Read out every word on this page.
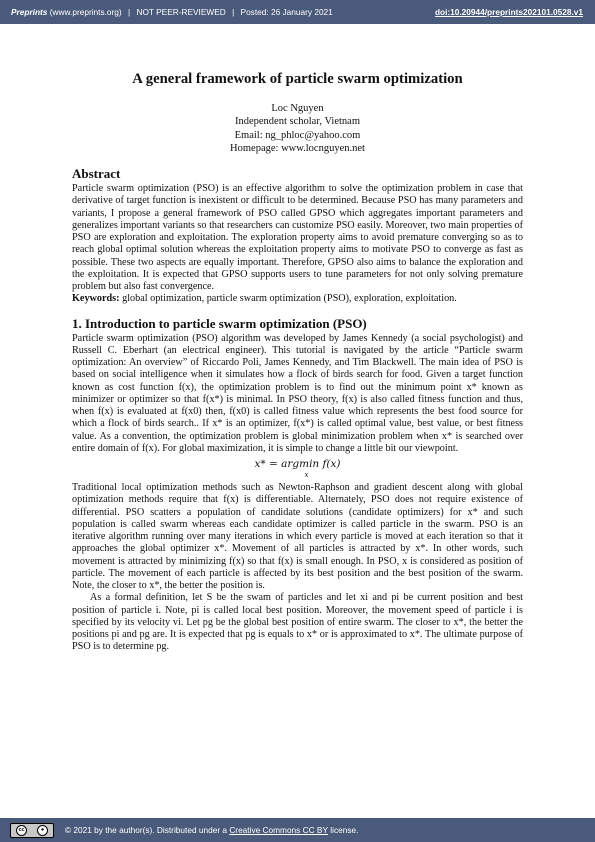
Preprints (www.preprints.org) | NOT PEER-REVIEWED | Posted: 26 January 2021	doi:10.20944/preprints202101.0528.v1
A general framework of particle swarm optimization
Loc Nguyen
Independent scholar, Vietnam
Email: ng_phloc@yahoo.com
Homepage: www.locnguyen.net
Abstract

Particle swarm optimization (PSO) is an effective algorithm to solve the optimization problem in case that derivative of target function is inexistent or difficult to be determined. Because PSO has many parameters and variants, I propose a general framework of PSO called GPSO which aggregates important parameters and generalizes important variants so that researchers can customize PSO easily. Moreover, two main properties of PSO are exploration and exploitation. The exploration property aims to avoid premature converging so as to reach global optimal solution whereas the exploitation property aims to motivate PSO to converge as fast as possible. These two aspects are equally important. Therefore, GPSO also aims to balance the exploration and the exploitation. It is expected that GPSO supports users to tune parameters for not only solving premature problem but also fast convergence.

Keywords: global optimization, particle swarm optimization (PSO), exploration, exploitation.

1. Introduction to particle swarm optimization (PSO)

Particle swarm optimization (PSO) algorithm was developed by James Kennedy (a social psychologist) and Russell C. Eberhart (an electrical engineer). This tutorial is navigated by the article “Particle swarm optimization: An overview” of Riccardo Poli, James Kennedy, and Tim Blackwell. The main idea of PSO is based on social intelligence when it simulates how a flock of birds search for food. Given a target function known as cost function f(x), the optimization problem is to find out the minimum point x* known as minimizer or optimizer so that f(x*) is minimal. In PSO theory, f(x) is also called fitness function and thus, when f(x) is evaluated at f(x0) then, f(x0) is called fitness value which represents the best food source for which a flock of birds search.. If x* is an optimizer, f(x*) is called optimal value, best value, or best fitness value. As a convention, the optimization problem is global minimization problem when x* is searched over entire domain of f(x). For global maximization, it is simple to change a little bit our viewpoint.

x* = argmin f(x)
x

Traditional local optimization methods such as Newton-Raphson and gradient descent along with global optimization methods require that f(x) is differentiable. Alternately, PSO does not require existence of differential. PSO scatters a population of candidate solutions (candidate optimizers) for x* and such population is called swarm whereas each candidate optimizer is called particle in the swarm. PSO is an iterative algorithm running over many iterations in which every particle is moved at each iteration so that it approaches the global optimizer x*. Movement of all particles is attracted by x*. In other words, such movement is attracted by minimizing f(x) so that f(x) is small enough. In PSO, x is considered as position of particle. The movement of each particle is affected by its best position and the best position of the swarm. Note, the closer to x*, the better the position is.

As a formal definition, let S be the swam of particles and let xi and pi be current position and best position of particle i. Note, pi is called local best position. Moreover, the movement speed of particle i is specified by its velocity vi. Let pg be the global best position of entire swarm. The closer to x*, the better the positions pi and pg are. It is expected that pg is equals to x* or is approximated to x*. The ultimate purpose of PSO is to determine pg.

cc	●	© 2021 by the author(s). Distributed under a
Creative Commons CC BY
license.
